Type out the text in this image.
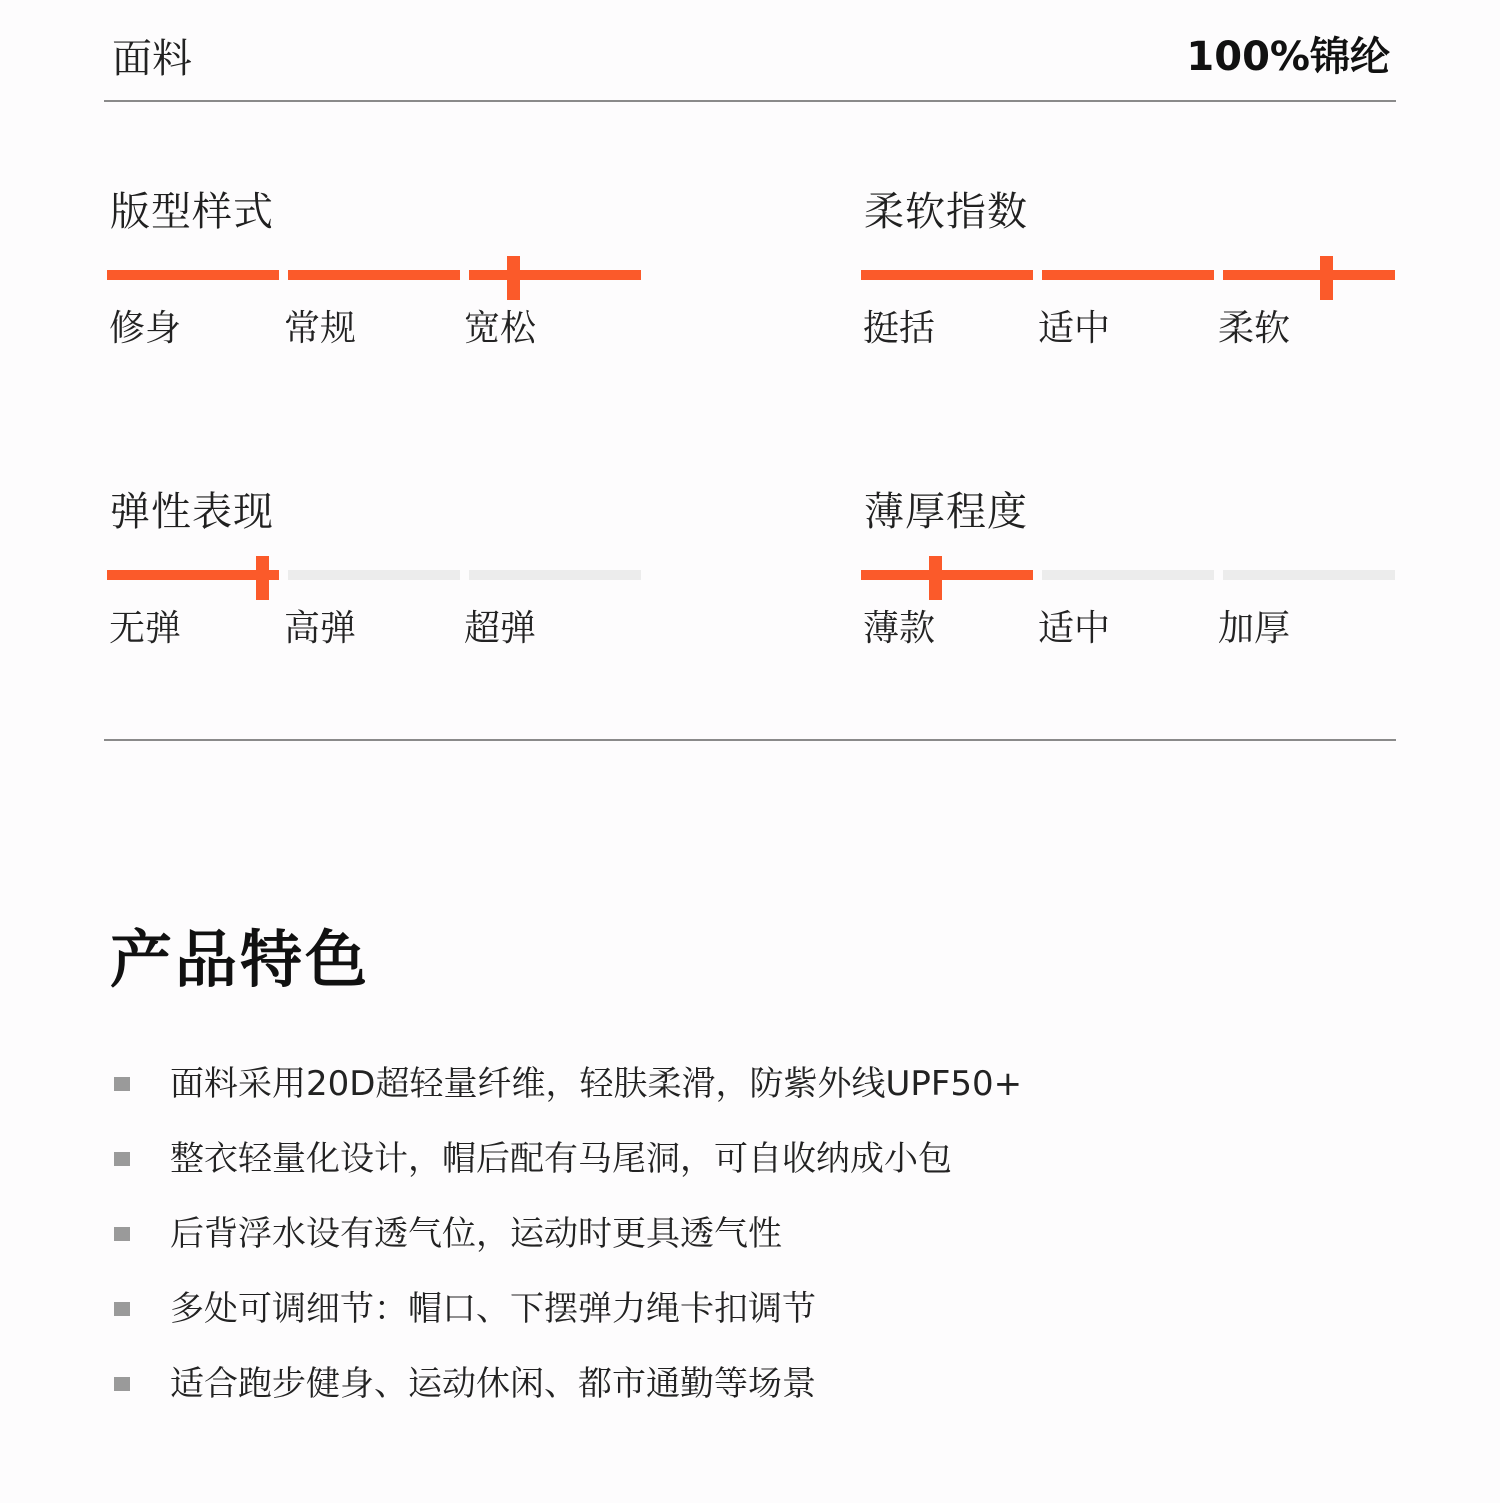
面料	100%锦纶
版型样式
修身	常规	宽松
柔软指数
挺括	适中	柔软
弹性表现
无弹	高弹	超弹
薄厚程度
薄款	适中	加厚
产品特色
面料采用20D超轻量纤维，轻肤柔滑，防紫外线UPF50+
整衣轻量化设计，帽后配有马尾洞，可自收纳成小包
后背浮水设有透气位，运动时更具透气性
多处可调细节：帽口、下摆弹力绳卡扣调节
适合跑步健身、运动休闲、都市通勤等场景
